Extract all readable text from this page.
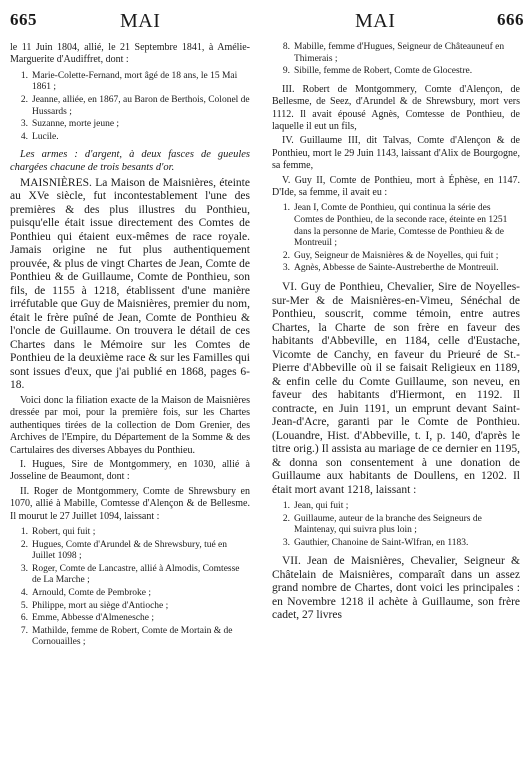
665	MAI	MAI	666

le 11 Juin 1804, allié, le 21 Septembre 1841, à Amélie-Marguerite d'Audiffret, dont :

1. Marie-Colette-Fernand, mort âgé de 18 ans, le 15 Mai 1861 ;
2. Jeanne, alliée, en 1867, au Baron de Berthois, Colonel de Hussards ;
3. Suzanne, morte jeune ;
4. Lucile.

Les armes : d'argent, à deux fasces de gueules chargées chacune de trois besants d'or.

MAISNIÈRES. La Maison de Maisnières, éteinte au XVe siècle, fut incontestablement l'une des premières & des plus illustres du Ponthieu, puisqu'elle était issue directement des Comtes de Ponthieu qui étaient eux-mêmes de race royale. Jamais origine ne fut plus authentiquement prouvée, & plus de vingt Chartes de Jean, Comte de Ponthieu & de Guillaume, Comte de Ponthieu, son fils, de 1155 à 1218, établissent d'une manière irréfutable que Guy de Maisnières, premier du nom, était le frère puîné de Jean, Comte de Ponthieu & l'oncle de Guillaume. On trouvera le détail de ces Chartes dans le Mémoire sur les Comtes de Ponthieu de la deuxième race & sur les Familles qui sont issues d'eux, que j'ai publié en 1868, pages 6-18.

Voici donc la filiation exacte de la Maison de Maisnières dressée par moi, pour la première fois, sur les Chartes authentiques tirées de la collection de Dom Grenier, des Archives de l'Empire, du Département de la Somme & des Cartulaires des diverses Abbayes du Ponthieu.

I. Hugues, Sire de Montgommery, en 1030, allié à Josseline de Beaumont, dont :

II. Roger de Montgommery, Comte de Shrewsbury en 1070, allié à Mabille, Comtesse d'Alençon & de Bellesme. Il mourut le 27 Juillet 1094, laissant :

1. Robert, qui fuit ;
2. Hugues, Comte d'Arundel & de Shrewsbury, tué en Juillet 1098 ;
3. Roger, Comte de Lancastre, allié à Almodis, Comtesse de La Marche ;
4. Arnould, Comte de Pembroke ;
5. Philippe, mort au siège d'Antioche ;
6. Emme, Abbesse d'Almenesche ;
7. Mathilde, femme de Robert, Comte de Mortain & de Cornouailles ;
8. Mabille, femme d'Hugues, Seigneur de Châteauneuf en Thimerais ;
9. Sibille, femme de Robert, Comte de Glocestre.

III. Robert de Montgommery, Comte d'Alençon, de Bellesme, de Seez, d'Arundel & de Shrewsbury, mort vers 1112. Il avait épousé Agnès, Comtesse de Ponthieu, de laquelle il eut un fils,

IV. Guillaume III, dit Talvas, Comte d'Alençon & de Ponthieu, mort le 29 Juin 1143, laissant d'Alix de Bourgogne, sa femme,

V. Guy II, Comte de Ponthieu, mort à Éphèse, en 1147. D'Ide, sa femme, il avait eu :

1. Jean I, Comte de Ponthieu, qui continua la série des Comtes de Ponthieu, de la seconde race, éteinte en 1251 dans la personne de Marie, Comtesse de Ponthieu & de Montreuil ;
2. Guy, Seigneur de Maisnières & de Noyelles, qui fuit ;
3. Agnès, Abbesse de Sainte-Austreberthe de Montreuil.

VI. Guy de Ponthieu, Chevalier, Sire de Noyelles-sur-Mer & de Maisnières-en-Vimeu, Sénéchal de Ponthieu, souscrit, comme témoin, entre autres Chartes, la Charte de son frère en faveur des habitants d'Abbeville, en 1184, celle d'Eustache, Vicomte de Canchy, en faveur du Prieuré de St.-Pierre d'Abbeville où il se faisait Religieux en 1189, & enfin celle du Comte Guillaume, son neveu, en faveur des habitants d'Hiermont, en 1192. Il contracte, en Juin 1191, un emprunt devant Saint-Jean-d'Acre, garanti par le Comte de Ponthieu. (Louandre, Hist. d'Abbeville, t. I, p. 140, d'après le titre orig.) Il assista au mariage de ce dernier en 1195, & donna son consentement à une donation de Guillaume aux habitants de Doullens, en 1202. Il était mort avant 1218, laissant :

1. Jean, qui fuit ;
2. Guillaume, auteur de la branche des Seigneurs de Maintenay, qui suivra plus loin ;
3. Gauthier, Chanoine de Saint-Wlfran, en 1183.

VII. Jean de Maisnières, Chevalier, Seigneur & Châtelain de Maisnières, comparaît dans un assez grand nombre de Chartes, dont voici les principales : en Novembre 1218 il achète à Guillaume, son frère cadet, 27 livres
